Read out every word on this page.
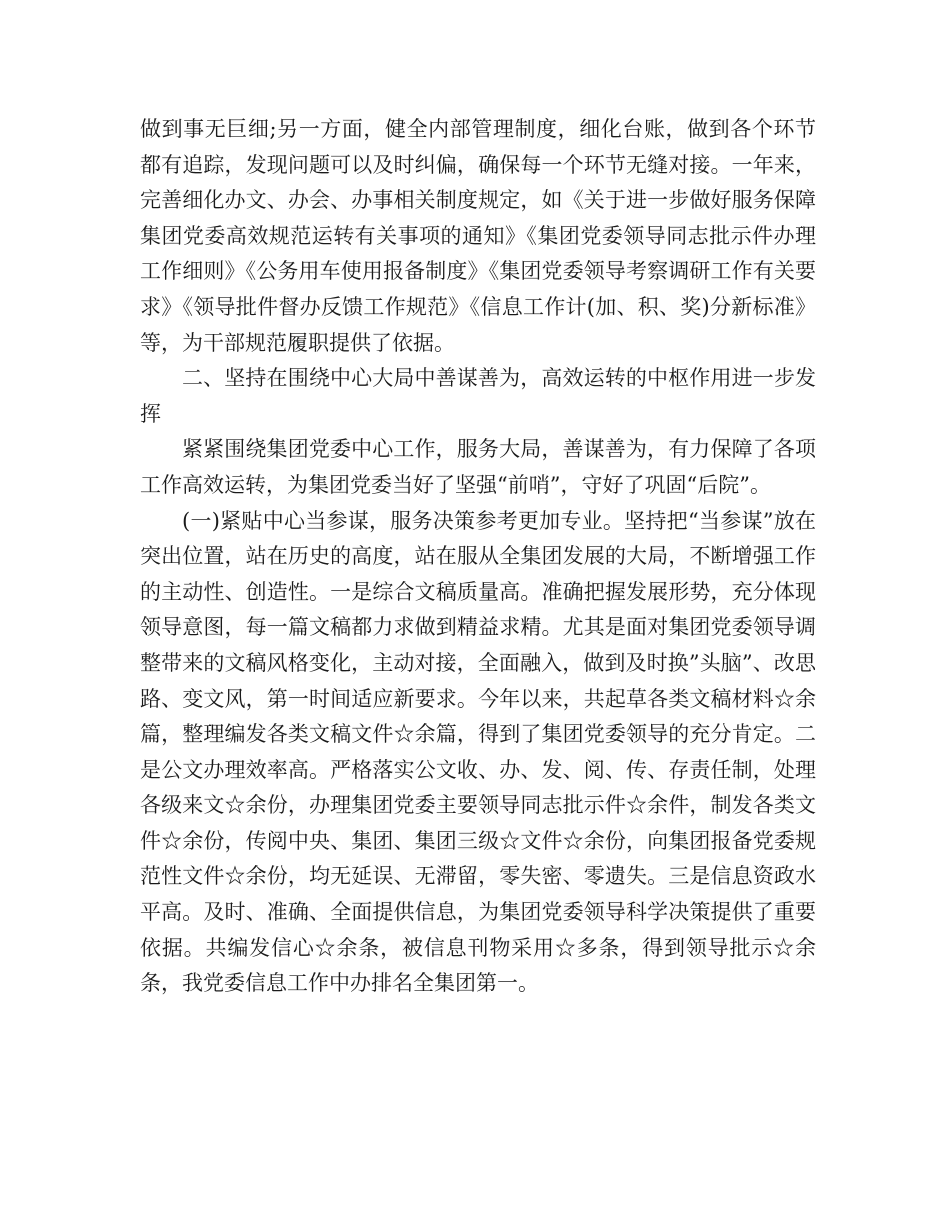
做到事无巨细;另一方面，健全内部管理制度，细化台账，做到各个环节都有追踪，发现问题可以及时纠偏，确保每一个环节无缝对接。一年来，完善细化办文、办会、办事相关制度规定，如《关于进一步做好服务保障集团党委高效规范运转有关事项的通知》《集团党委领导同志批示件办理工作细则》《公务用车使用报备制度》《集团党委领导考察调研工作有关要求》《领导批件督办反馈工作规范》《信息工作计(加、积、奖)分新标准》等，为干部规范履职提供了依据。

二、坚持在围绕中心大局中善谋善为，高效运转的中枢作用进一步发挥

紧紧围绕集团党委中心工作，服务大局，善谋善为，有力保障了各项工作高效运转，为集团党委当好了坚强“前哨”，守好了巩固“后院”。

(一)紧贴中心当参谋，服务决策参考更加专业。坚持把“当参谋”放在突出位置，站在历史的高度，站在服从全集团发展的大局，不断增强工作的主动性、创造性。一是综合文稿质量高。准确把握发展形势，充分体现领导意图，每一篇文稿都力求做到精益求精。尤其是面对集团党委领导调整带来的文稿风格变化，主动对接，全面融入，做到及时换”头脑”、改思路、变文风，第一时间适应新要求。今年以来，共起草各类文稿材料☆余篇，整理编发各类文稿文件☆余篇，得到了集团党委领导的充分肯定。二是公文办理效率高。严格落实公文收、办、发、阅、传、存责任制，处理各级来文☆余份，办理集团党委主要领导同志批示件☆余件，制发各类文件☆余份，传阅中央、集团、集团三级☆文件☆余份，向集团报备党委规范性文件☆余份，均无延误、无滞留，零失密、零遗失。三是信息资政水平高。及时、准确、全面提供信息，为集团党委领导科学决策提供了重要依据。共编发信心☆余条，被信息刊物采用☆多条，得到领导批示☆余条，我党委信息工作中办排名全集团第一。
